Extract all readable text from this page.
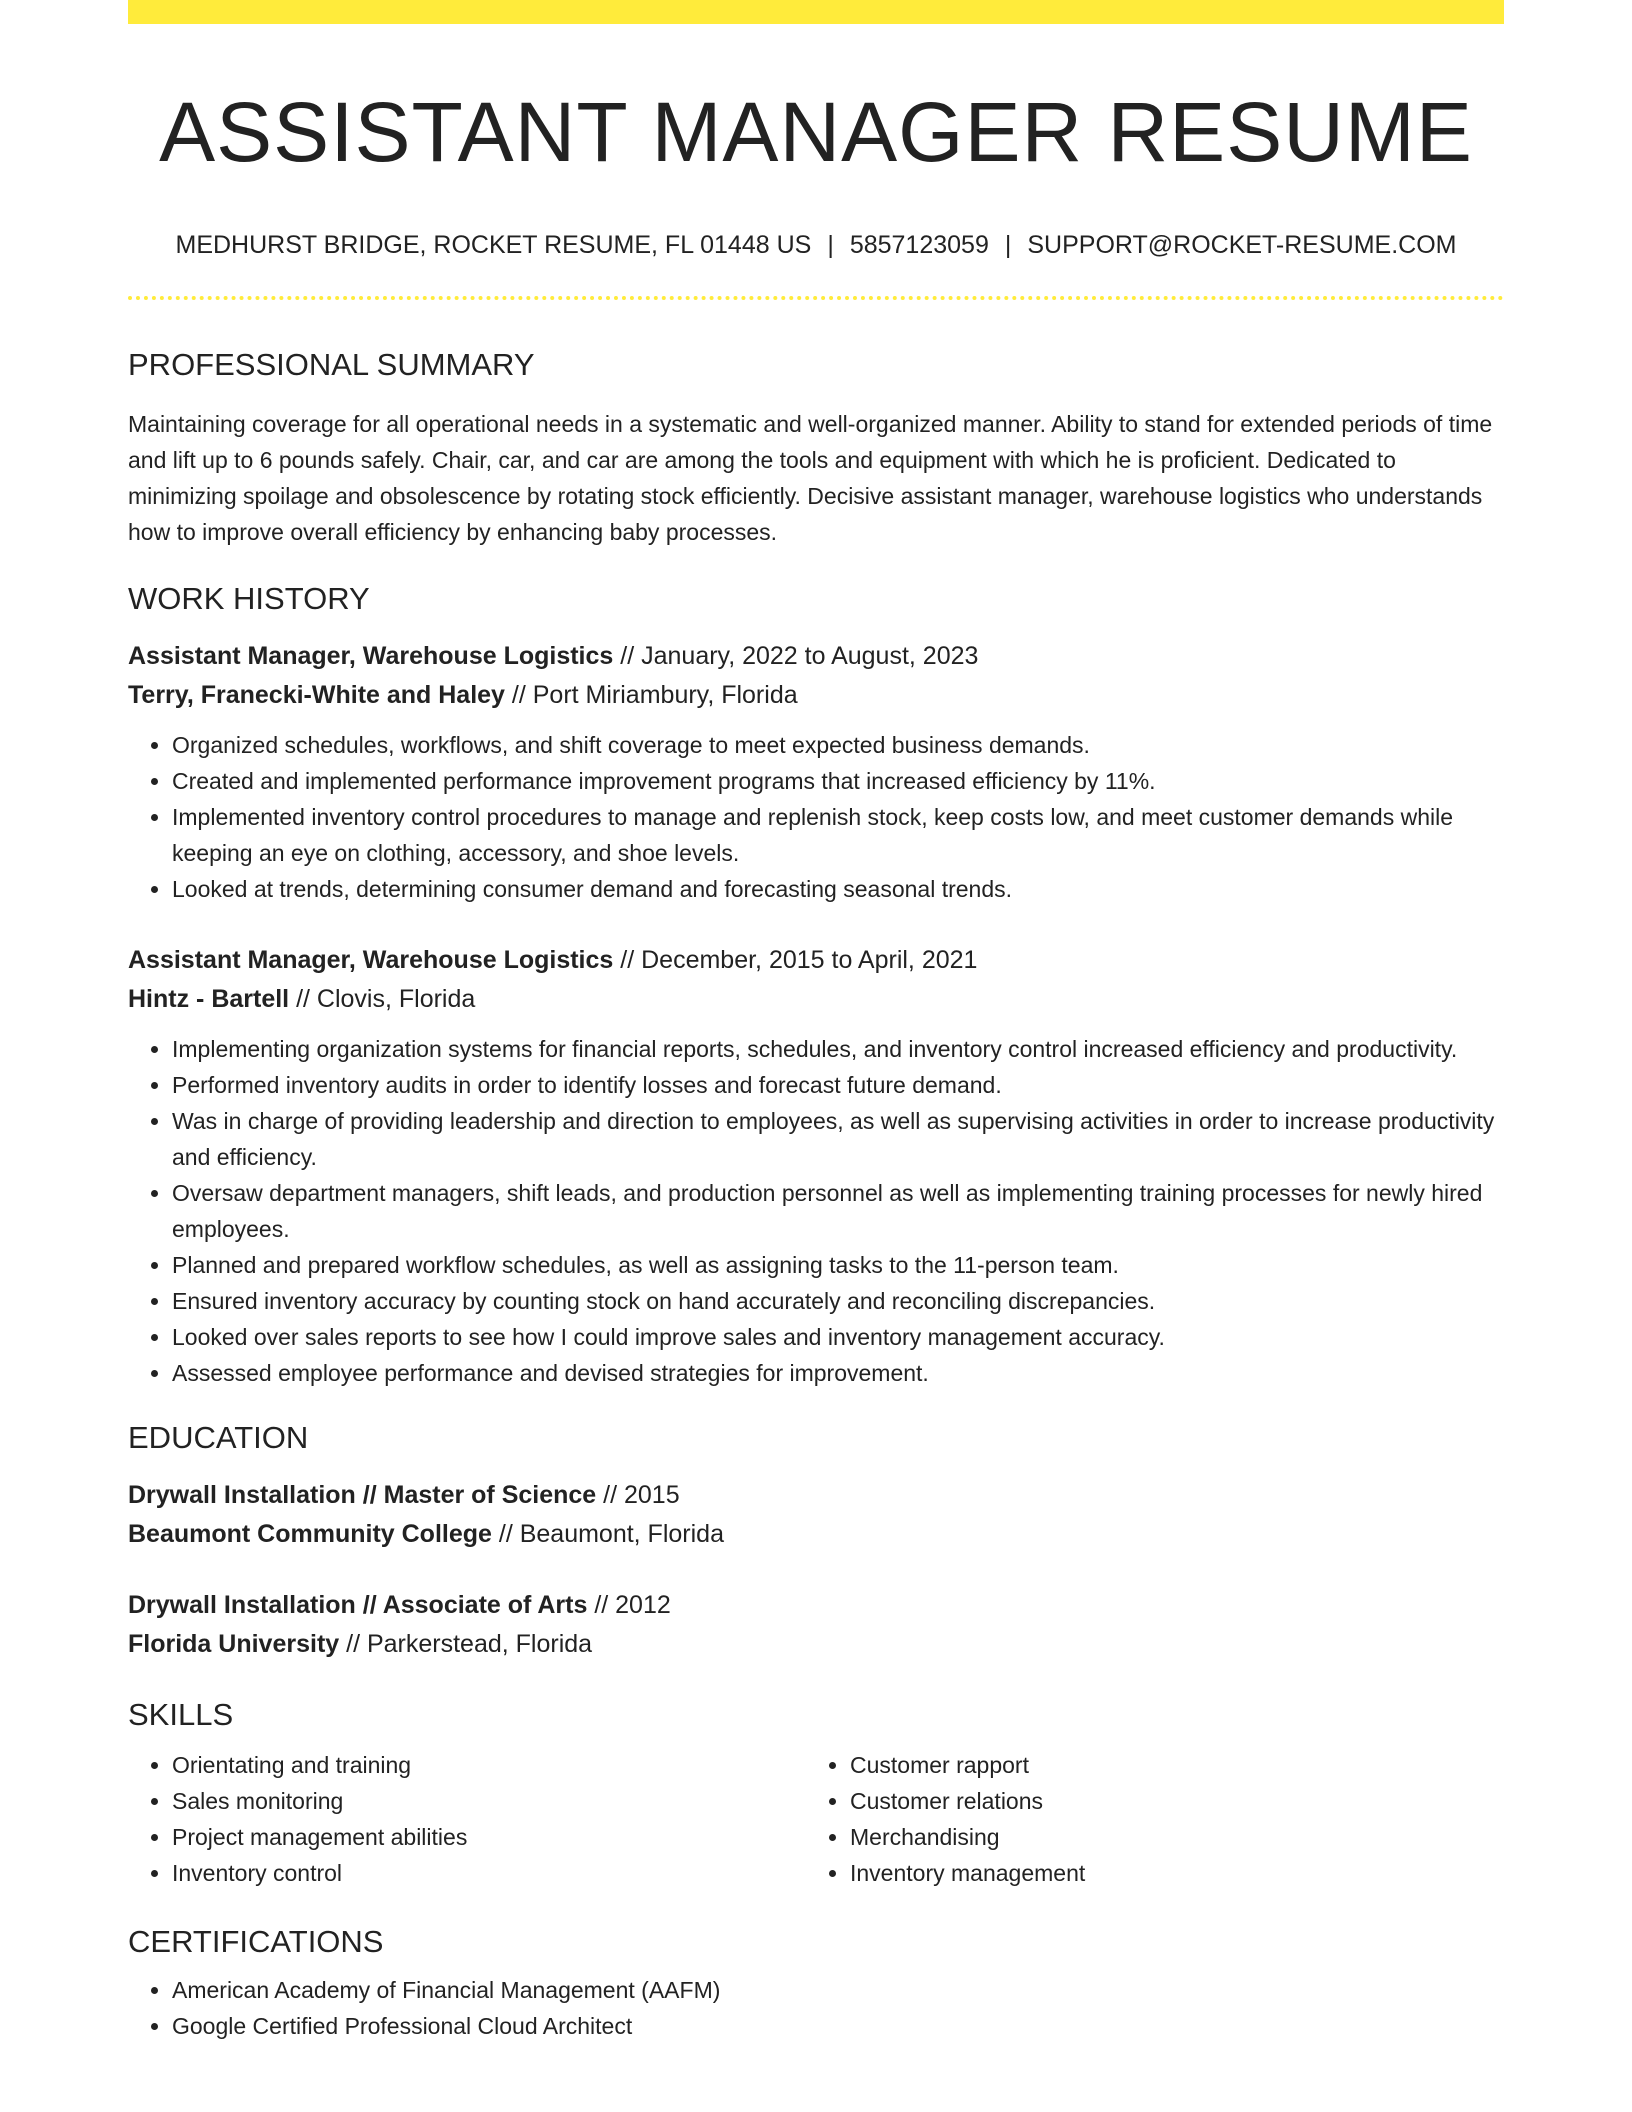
ASSISTANT MANAGER RESUME
MEDHURST BRIDGE, ROCKET RESUME, FL 01448 US | 5857123059 | SUPPORT@ROCKET-RESUME.COM
PROFESSIONAL SUMMARY
Maintaining coverage for all operational needs in a systematic and well-organized manner. Ability to stand for extended periods of time and lift up to 6 pounds safely. Chair, car, and car are among the tools and equipment with which he is proficient. Dedicated to minimizing spoilage and obsolescence by rotating stock efficiently. Decisive assistant manager, warehouse logistics who understands how to improve overall efficiency by enhancing baby processes.
WORK HISTORY
Assistant Manager, Warehouse Logistics // January, 2022 to August, 2023
Terry, Franecki-White and Haley // Port Miriambury, Florida
• Organized schedules, workflows, and shift coverage to meet expected business demands.
• Created and implemented performance improvement programs that increased efficiency by 11%.
• Implemented inventory control procedures to manage and replenish stock, keep costs low, and meet customer demands while keeping an eye on clothing, accessory, and shoe levels.
• Looked at trends, determining consumer demand and forecasting seasonal trends.
Assistant Manager, Warehouse Logistics // December, 2015 to April, 2021
Hintz - Bartell // Clovis, Florida
• Implementing organization systems for financial reports, schedules, and inventory control increased efficiency and productivity.
• Performed inventory audits in order to identify losses and forecast future demand.
• Was in charge of providing leadership and direction to employees, as well as supervising activities in order to increase productivity and efficiency.
• Oversaw department managers, shift leads, and production personnel as well as implementing training processes for newly hired employees.
• Planned and prepared workflow schedules, as well as assigning tasks to the 11-person team.
• Ensured inventory accuracy by counting stock on hand accurately and reconciling discrepancies.
• Looked over sales reports to see how I could improve sales and inventory management accuracy.
• Assessed employee performance and devised strategies for improvement.
EDUCATION
Drywall Installation // Master of Science // 2015
Beaumont Community College // Beaumont, Florida
Drywall Installation // Associate of Arts // 2012
Florida University // Parkerstead, Florida
SKILLS
• Orientating and training
• Sales monitoring
• Project management abilities
• Inventory control
• Customer rapport
• Customer relations
• Merchandising
• Inventory management
CERTIFICATIONS
• American Academy of Financial Management (AAFM)
• Google Certified Professional Cloud Architect
